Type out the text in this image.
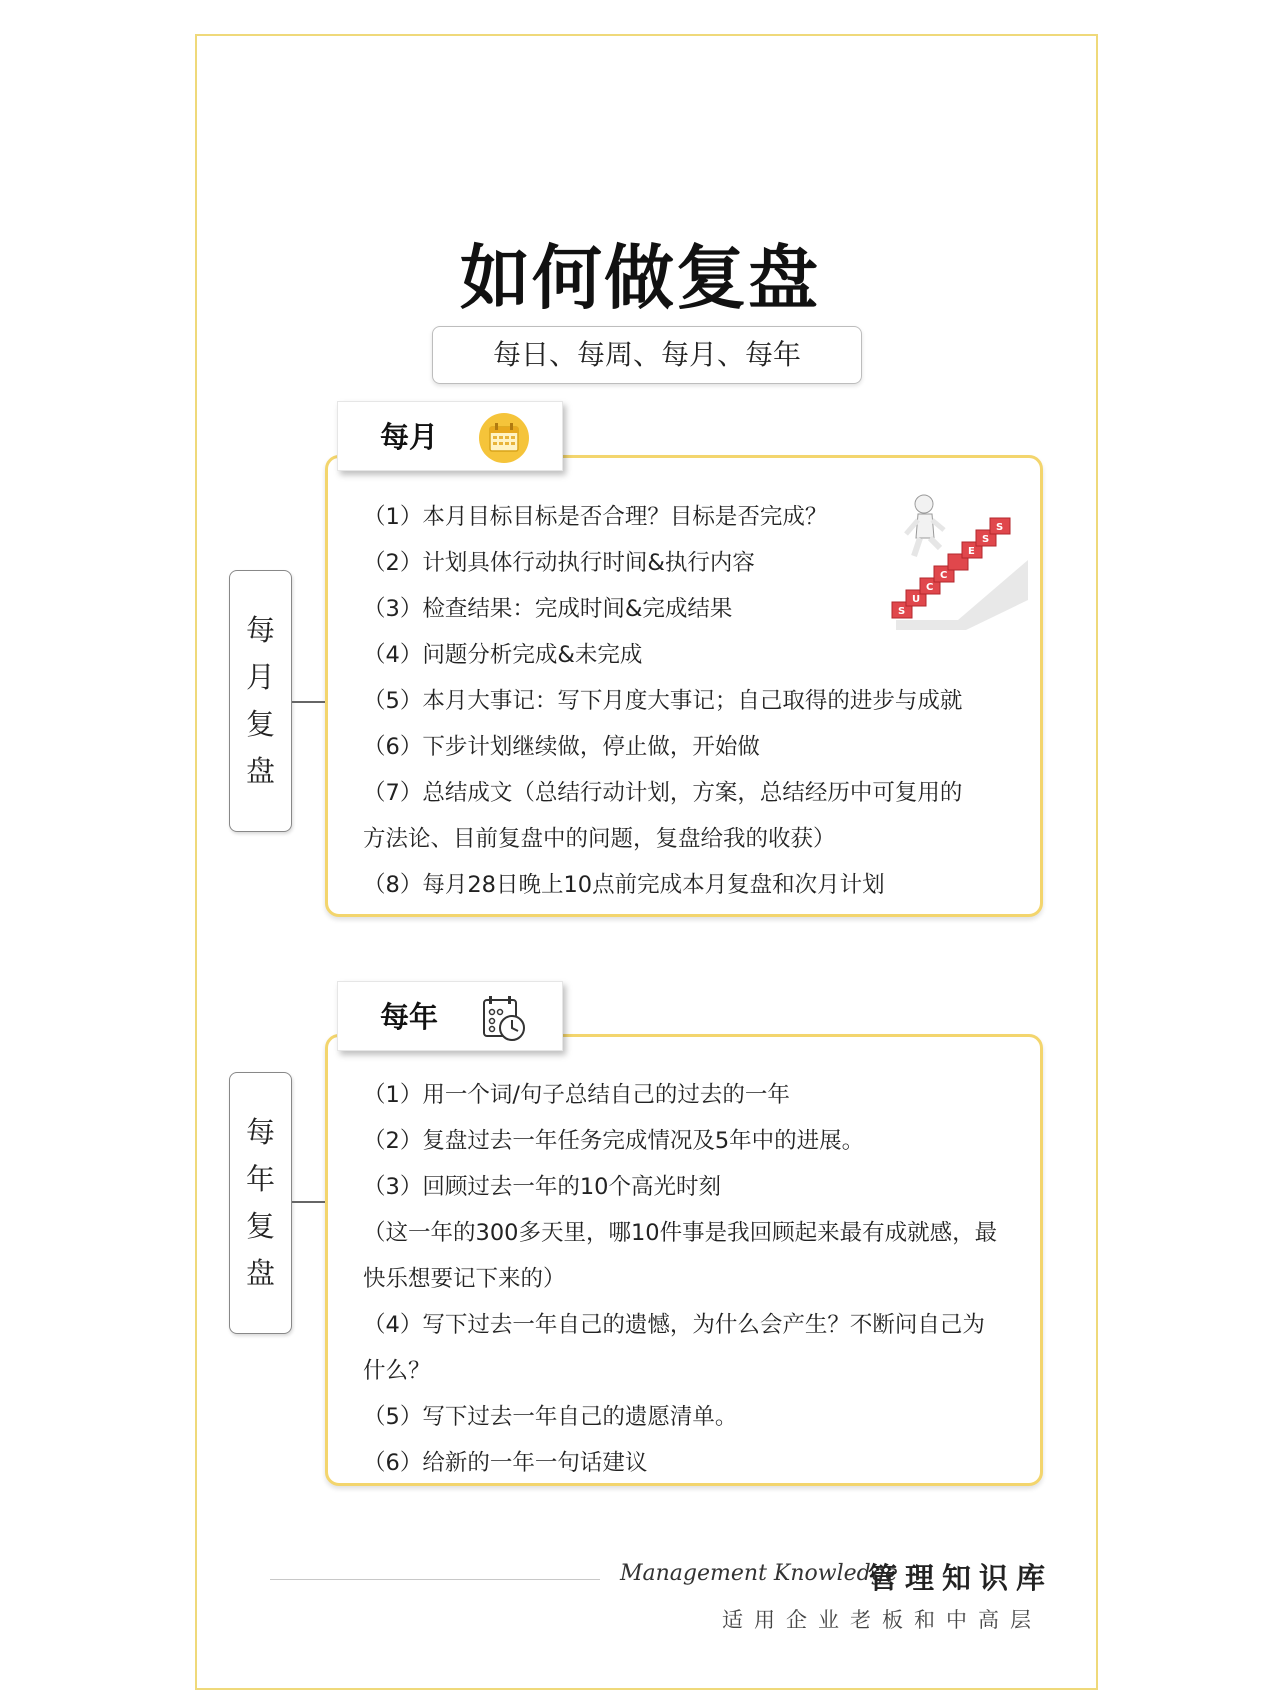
如何做复盘
每日、每周、每月、每年
每月
每
月
复
盘
（1）本月目标目标是否合理？目标是否完成？
（2）计划具体行动执行时间&执行内容
（3）检查结果：完成时间&完成结果
（4）问题分析完成&未完成
（5）本月大事记：写下月度大事记；自己取得的进步与成就
（6）下步计划继续做，停止做，开始做
（7）总结成文（总结行动计划，方案，总结经历中可复用的
方法论、目前复盘中的问题，复盘给我的收获）
（8）每月28日晚上10点前完成本月复盘和次月计划
S
U
C
C
E
S
S
每年
每
年
复
盘
（1）用一个词/句子总结自己的过去的一年
（2）复盘过去一年任务完成情况及5年中的进展。
（3）回顾过去一年的10个高光时刻
（这一年的300多天里，哪10件事是我回顾起来最有成就感，最
快乐想要记下来的）
（4）写下过去一年自己的遗憾，为什么会产生？不断问自己为
什么？
（5）写下过去一年自己的遗愿清单。
（6）给新的一年一句话建议
Management Knowledge
管理知识库
适用企业老板和中高层
